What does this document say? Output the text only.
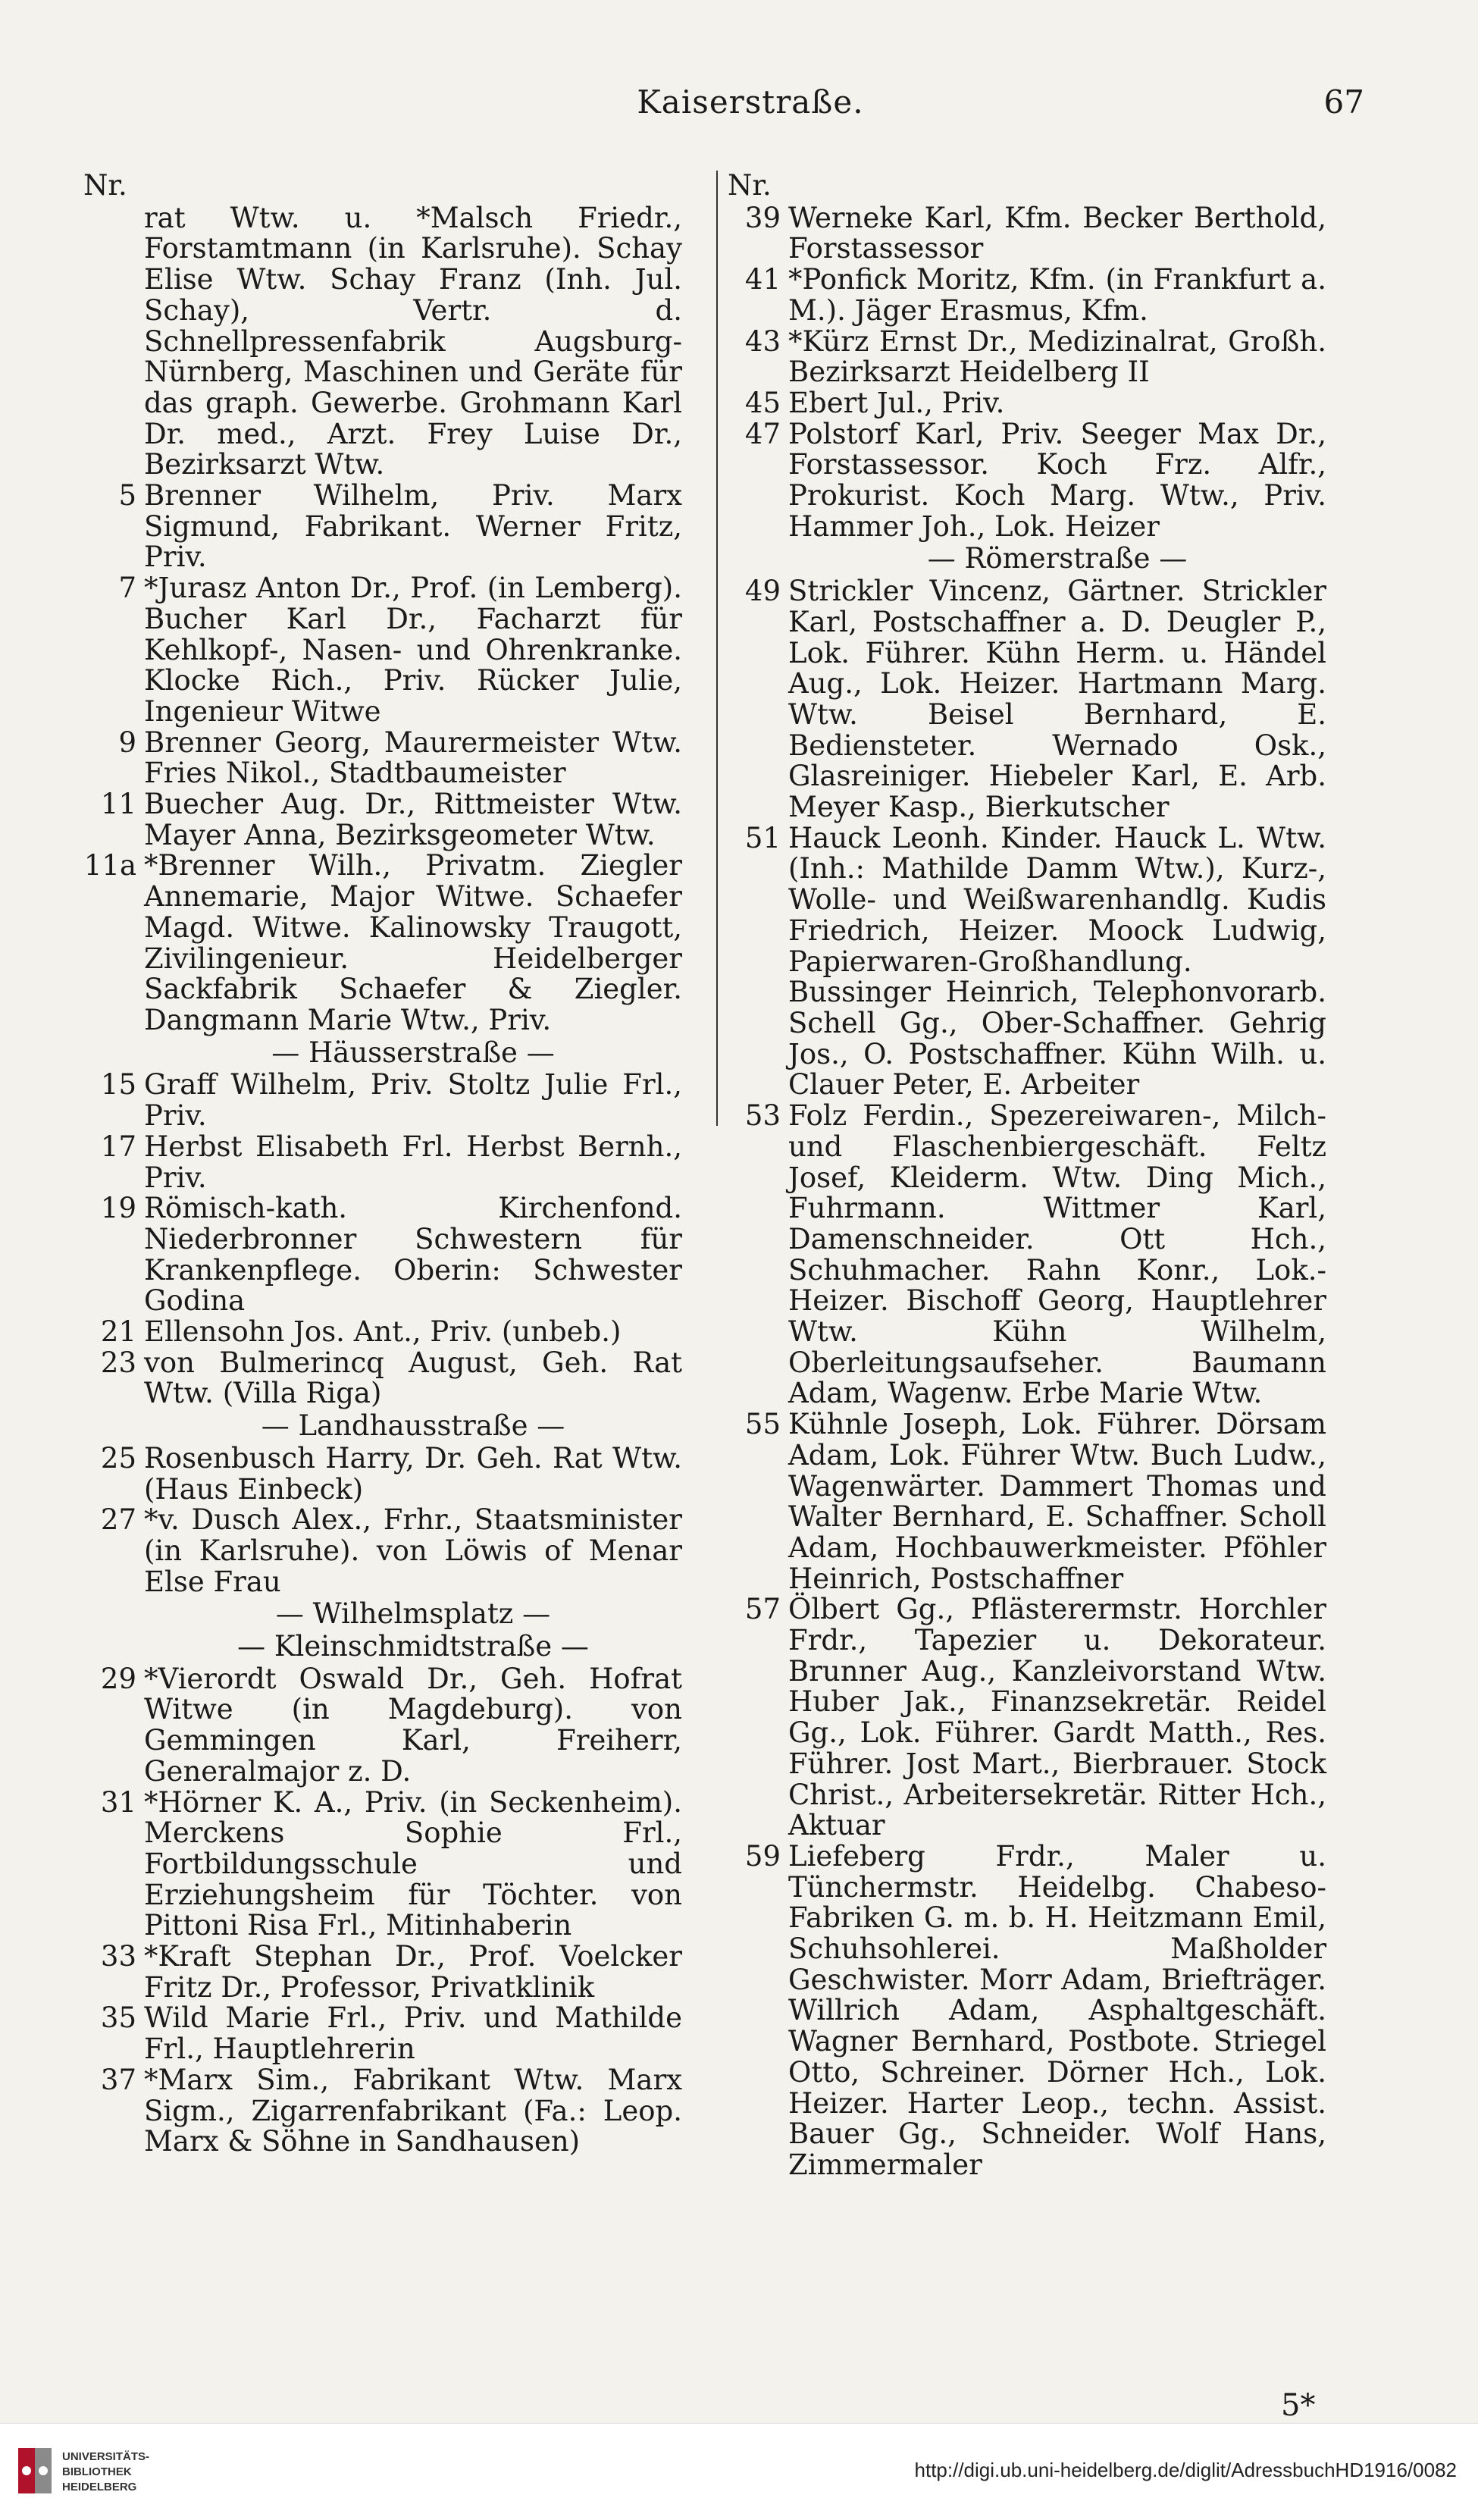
Kaiserstraße.	67
Nr.
rat Wtw. u. *Malsch Friedr., Forstamtmann (in Karlsruhe). Schay Elise Wtw. Schay Franz (Inh. Jul. Schay), Vertr. d. Schnellpressenfabrik Augsburg-Nürnberg, Maschinen und Geräte für das graph. Gewerbe. Grohmann Karl Dr. med., Arzt. Frey Luise Dr., Bezirksarzt Wtw.
5 Brenner Wilhelm, Priv. Marx Sigmund, Fabrikant. Werner Fritz, Priv.
7 *Jurasz Anton Dr., Prof. (in Lemberg). Bucher Karl Dr., Facharzt für Kehlkopf-, Nasen- und Ohrenkranke. Klocke Rich., Priv. Rücker Julie, Ingenieur Witwe
9 Brenner Georg, Maurermeister Wtw. Fries Nikol., Stadtbaumeister
11 Buecher Aug. Dr., Rittmeister Wtw. Mayer Anna, Bezirksgeometer Wtw.
11a *Brenner Wilh., Privatm. Ziegler Annemarie, Major Witwe. Schaefer Magd. Witwe. Kalinowsky Traugott, Zivilingenieur. Heidelberger Sackfabrik Schaefer & Ziegler. Dangmann Marie Wtw., Priv.
— Häusserstraße —
15 Graff Wilhelm, Priv. Stoltz Julie Frl., Priv.
17 Herbst Elisabeth Frl. Herbst Bernh., Priv.
19 Römisch-kath. Kirchenfond. Niederbronner Schwestern für Krankenpflege. Oberin: Schwester Godina
21 Ellensohn Jos. Ant., Priv. (unbeb.)
23 von Bulmerincq August, Geh. Rat Wtw. (Villa Riga)
— Landhausstraße —
25 Rosenbusch Harry, Dr. Geh. Rat Wtw. (Haus Einbeck)
27 *v. Dusch Alex., Frhr., Staatsminister (in Karlsruhe). von Löwis of Menar Else Frau
— Wilhelmsplatz —
— Kleinschmidtstraße —
29 *Vierordt Oswald Dr., Geh. Hofrat Witwe (in Magdeburg). von Gemmingen Karl, Freiherr, Generalmajor z. D.
31 *Hörner K. A., Priv. (in Seckenheim). Merckens Sophie Frl., Fortbildungsschule und Erziehungsheim für Töchter. von Pittoni Risa Frl., Mitinhaberin
33 *Kraft Stephan Dr., Prof. Voelcker Fritz Dr., Professor, Privatklinik
35 Wild Marie Frl., Priv. und Mathilde Frl., Hauptlehrerin
37 *Marx Sim., Fabrikant Wtw. Marx Sigm., Zigarrenfabrikant (Fa.: Leop. Marx & Söhne in Sandhausen)
Nr.
39 Werneke Karl, Kfm. Becker Berthold, Forstassessor
41 *Ponfick Moritz, Kfm. (in Frankfurt a. M.). Jäger Erasmus, Kfm.
43 *Kürz Ernst Dr., Medizinalrat, Großh. Bezirksarzt Heidelberg II
45 Ebert Jul., Priv.
47 Polstorf Karl, Priv. Seeger Max Dr., Forstassessor. Koch Frz. Alfr., Prokurist. Koch Marg. Wtw., Priv. Hammer Joh., Lok. Heizer
— Römerstraße —
49 Strickler Vincenz, Gärtner. Strickler Karl, Postschaffner a. D. Deugler P., Lok. Führer. Kühn Herm. u. Händel Aug., Lok. Heizer. Hartmann Marg. Wtw. Beisel Bernhard, E. Bediensteter. Wernado Osk., Glasreiniger. Hiebeler Karl, E. Arb. Meyer Kasp., Bierkutscher
51 Hauck Leonh. Kinder. Hauck L. Wtw. (Inh.: Mathilde Damm Wtw.), Kurz-, Wolle- und Weißwarenhandlg. Kudis Friedrich, Heizer. Moock Ludwig, Papierwaren-Großhandlung. Bussinger Heinrich, Telephonvorarb. Schell Gg., Ober-Schaffner. Gehrig Jos., O. Postschaffner. Kühn Wilh. u. Clauer Peter, E. Arbeiter
53 Folz Ferdin., Spezereiwaren-, Milch- und Flaschenbiergeschäft. Feltz Josef, Kleiderm. Wtw. Ding Mich., Fuhrmann. Wittmer Karl, Damenschneider. Ott Hch., Schuhmacher. Rahn Konr., Lok.-Heizer. Bischoff Georg, Hauptlehrer Wtw. Kühn Wilhelm, Oberleitungsaufseher. Baumann Adam, Wagenw. Erbe Marie Wtw.
55 Kühnle Joseph, Lok. Führer. Dörsam Adam, Lok. Führer Wtw. Buch Ludw., Wagenwärter. Dammert Thomas und Walter Bernhard, E. Schaffner. Scholl Adam, Hochbauwerkmeister. Pföhler Heinrich, Postschaffner
57 Ölbert Gg., Pflästerermstr. Horchler Frdr., Tapezier u. Dekorateur. Brunner Aug., Kanzleivorstand Wtw. Huber Jak., Finanzsekretär. Reidel Gg., Lok. Führer. Gardt Matth., Res. Führer. Jost Mart., Bierbrauer. Stock Christ., Arbeitersekretär. Ritter Hch., Aktuar
59 Liefeberg Frdr., Maler u. Tünchermstr. Heidelbg. Chabeso-Fabriken G. m. b. H. Heitzmann Emil, Schuhsohlerei. Maßholder Geschwister. Morr Adam, Briefträger. Willrich Adam, Asphaltgeschäft. Wagner Bernhard, Postbote. Striegel Otto, Schreiner. Dörner Hch., Lok. Heizer. Harter Leop., techn. Assist. Bauer Gg., Schneider. Wolf Hans, Zimmermaler
5*
UNIVERSITÄTS-
BIBLIOTHEK
HEIDELBERG
http://digi.ub.uni-heidelberg.de/diglit/AdressbuchHD1916/0082
